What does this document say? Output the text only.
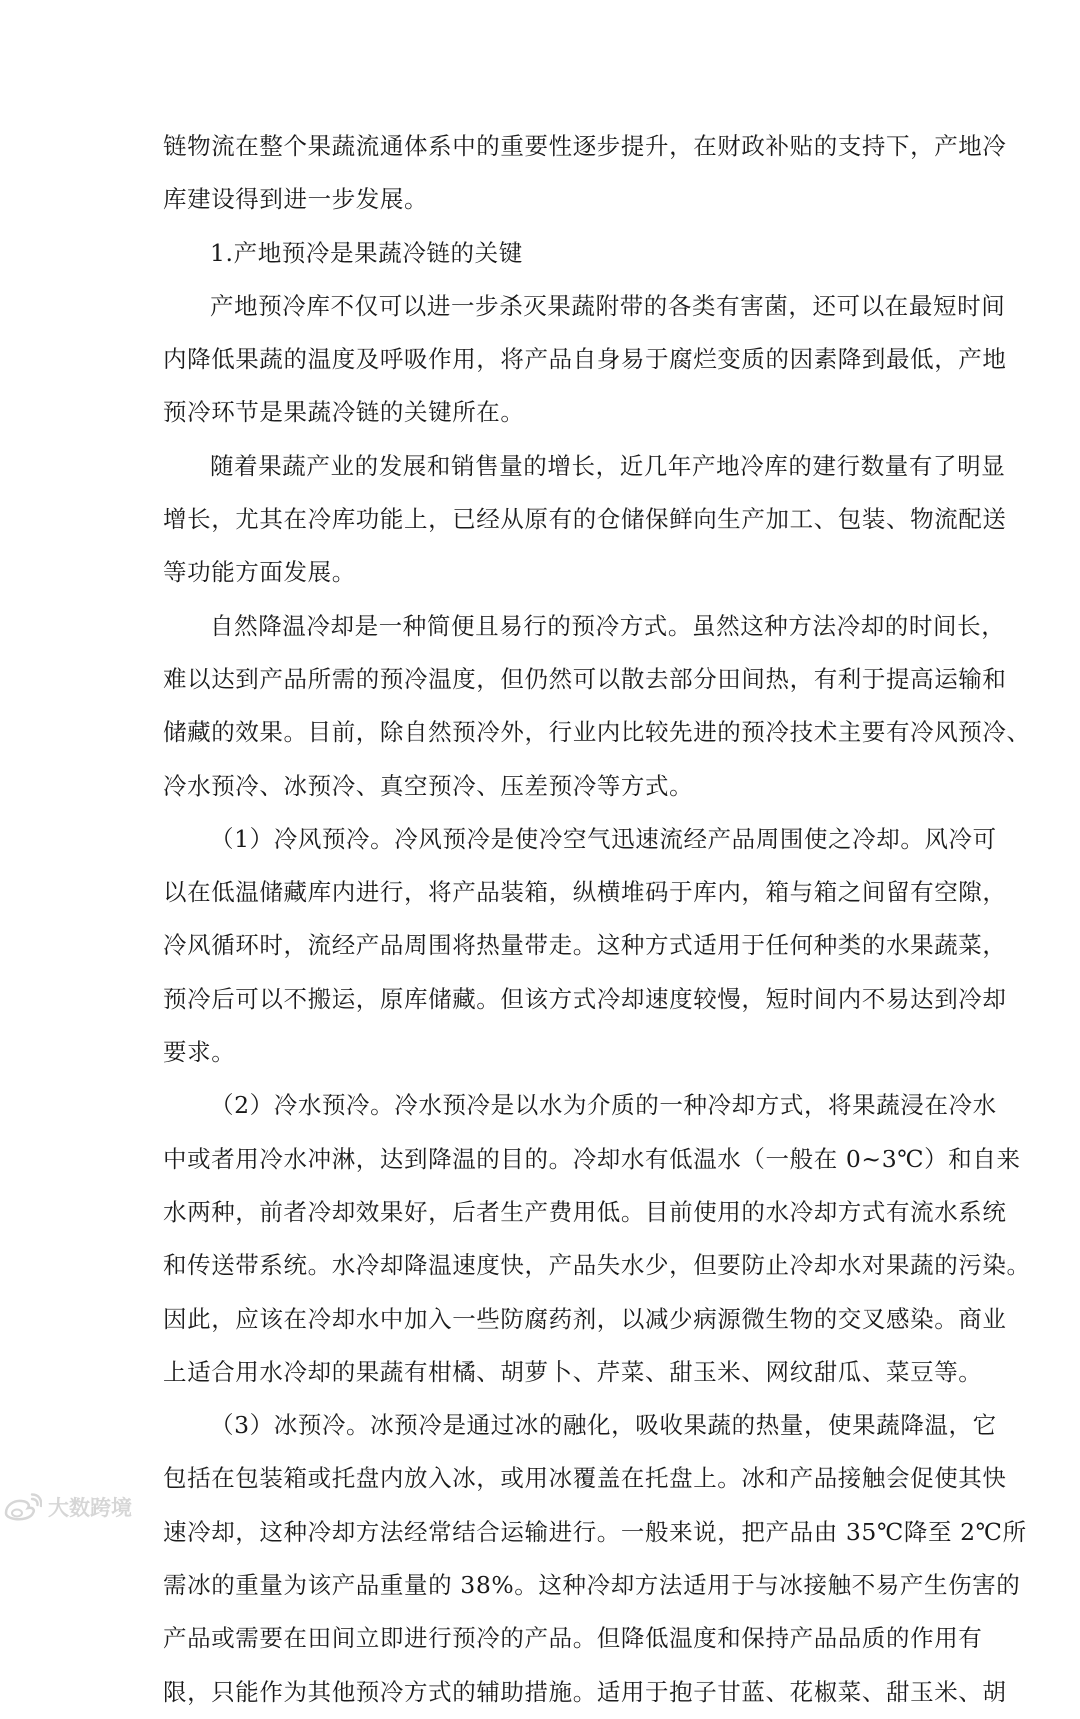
链物流在整个果蔬流通体系中的重要性逐步提升，在财政补贴的支持下，产地冷
库建设得到进一步发展。
1.产地预冷是果蔬冷链的关键
产地预冷库不仅可以进一步杀灭果蔬附带的各类有害菌，还可以在最短时间
内降低果蔬的温度及呼吸作用，将产品自身易于腐烂变质的因素降到最低，产地
预冷环节是果蔬冷链的关键所在。
随着果蔬产业的发展和销售量的增长，近几年产地冷库的建行数量有了明显
增长，尤其在冷库功能上，已经从原有的仓储保鲜向生产加工、包装、物流配送
等功能方面发展。
自然降温冷却是一种简便且易行的预冷方式。虽然这种方法冷却的时间长，
难以达到产品所需的预冷温度，但仍然可以散去部分田间热，有利于提高运输和
储藏的效果。目前，除自然预冷外，行业内比较先进的预冷技术主要有冷风预冷、
冷水预冷、冰预冷、真空预冷、压差预冷等方式。
（1）冷风预冷。冷风预冷是使冷空气迅速流经产品周围使之冷却。风冷可
以在低温储藏库内进行，将产品装箱，纵横堆码于库内，箱与箱之间留有空隙，
冷风循环时，流经产品周围将热量带走。这种方式适用于任何种类的水果蔬菜，
预冷后可以不搬运，原库储藏。但该方式冷却速度较慢，短时间内不易达到冷却
要求。
（2）冷水预冷。冷水预冷是以水为介质的一种冷却方式，将果蔬浸在冷水
中或者用冷水冲淋，达到降温的目的。冷却水有低温水（一般在 0~3℃）和自来
水两种，前者冷却效果好，后者生产费用低。目前使用的水冷却方式有流水系统
和传送带系统。水冷却降温速度快，产品失水少，但要防止冷却水对果蔬的污染。
因此，应该在冷却水中加入一些防腐药剂，以减少病源微生物的交叉感染。商业
上适合用水冷却的果蔬有柑橘、胡萝卜、芹菜、甜玉米、网纹甜瓜、菜豆等。
（3）冰预冷。冰预冷是通过冰的融化，吸收果蔬的热量，使果蔬降温，它
包括在包装箱或托盘内放入冰，或用冰覆盖在托盘上。冰和产品接触会促使其快
速冷却，这种冷却方法经常结合运输进行。一般来说，把产品由 35℃降至 2℃所
需冰的重量为该产品重量的 38%。这种冷却方法适用于与冰接触不易产生伤害的
产品或需要在田间立即进行预冷的产品。但降低温度和保持产品品质的作用有
限，只能作为其他预冷方式的辅助措施。适用于抱子甘蓝、花椒菜、甜玉米、胡
大数跨境
